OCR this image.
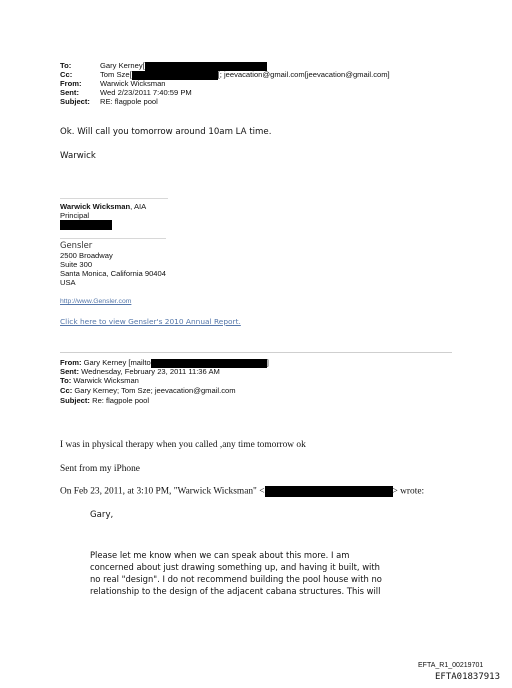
To:	Gary Kerney[
Cc:	Tom Sze[	[; jeevacation@gmail.com[jeevacation@gmail.com]
From: Warwick Wicksman
Sent:	Wed 2/23/2011 7:40:59 PM
Subject: RE: flagpole pool
Ok. Will call you tomorrow around 10am LA time.
Warwick
Warwick Wicksman, AIA
Principal
Gensler
2500 Broadway
Suite 300
Santa Monica, California 90404
USA
http://www.Gensler.com
Click here to view Gensler's 2010 Annual Report.
From: Gary Kerney [mailto	]
Sent: Wednesday, February 23, 2011 11:36 AM
To: Warwick Wicksman
Cc: Gary Kerney; Tom Sze; jeevacation@gmail.com
Subject: Re: flagpole pool
I was in physical therapy when you called ,any time tomorrow ok
Sent from my iPhone
On Feb 23, 2011, at 3:10 PM, "Warwick Wicksman" <	> wrote:
Gary,
Please let me know when we can speak about this more. I am
concerned about just drawing something up, and having it built, with
no real "design". I do not recommend building the pool house with no
relationship to the design of the adjacent cabana structures. This will
EFTA_R1_00219701
EFTA01837913
